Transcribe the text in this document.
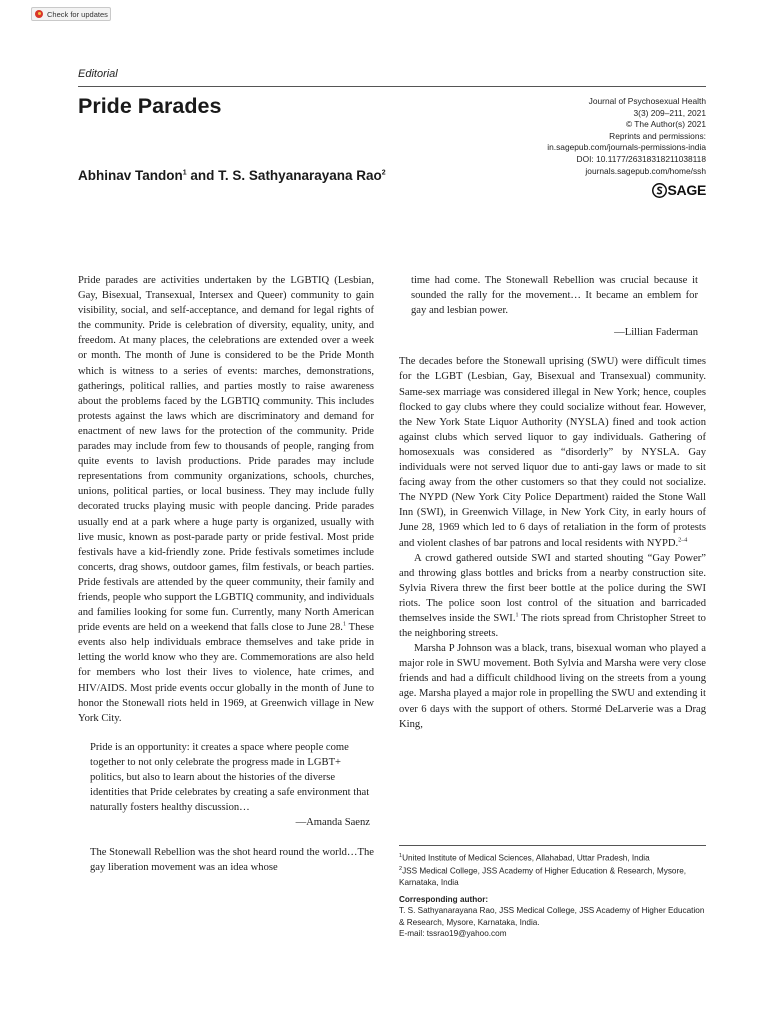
Check for updates
Editorial
Pride Parades
Abhinav Tandon$^1$ and T. S. Sathyanarayana Rao$^2$
Journal of Psychosexual Health
3(3) 209–211, 2021
© The Author(s) 2021
Reprints and permissions:
in.sagepub.com/journals-permissions-india
DOI: 10.1177/26318318211038118
journals.sagepub.com/home/ssh
SAGE

Pride parades are activities undertaken by the LGBTIQ (Lesbian, Gay, Bisexual, Transexual, Intersex and Queer) community to gain visibility, social, and self-acceptance, and demand for legal rights of the community. Pride is celebration of diversity, equality, unity, and freedom. At many places, the celebrations are extended over a week or month. The month of June is considered to be the Pride Month which is witness to a series of events: marches, demonstrations, gatherings, political rallies, and parties mostly to raise awareness about the problems faced by the LGBTIQ community. This includes protests against the laws which are discriminatory and demand for enactment of new laws for the protection of the community. Pride parades may include from few to thousands of people, ranging from quite events to lavish productions. Pride parades may include representations from community organizations, schools, churches, unions, political parties, or local business. They may include fully decorated trucks playing music with people dancing. Pride parades usually end at a park where a huge party is organized, usually with live music, known as post-parade party or pride festival. Most pride festivals have a kid-friendly zone. Pride festivals sometimes include concerts, drag shows, outdoor games, film festivals, or beach parties. Pride festivals are attended by the queer community, their family and friends, people who support the LGBTIQ community, and individuals and families looking for some fun. Currently, many North American pride events are held on a weekend that falls close to June 28.$^1$ These events also help individuals embrace themselves and take pride in letting the world know who they are. Commemorations are also held for members who lost their lives to violence, hate crimes, and HIV/AIDS. Most pride events occur globally in the month of June to honor the Stonewall riots held in 1969, at Greenwich village in New York City.

Pride is an opportunity: it creates a space where people come together to not only celebrate the progress made in LGBT+ politics, but also to learn about the histories of the diverse identities that Pride celebrates by creating a safe environment that naturally fosters healthy discussion…
—Amanda Saenz
The Stonewall Rebellion was the shot heard round the world…The gay liberation movement was an idea whose
time had come. The Stonewall Rebellion was crucial because it sounded the rally for the movement… It became an emblem for gay and lesbian power.
—Lillian Faderman

The decades before the Stonewall uprising (SWU) were difficult times for the LGBT (Lesbian, Gay, Bisexual and Transexual) community. Same-sex marriage was considered illegal in New York; hence, couples flocked to gay clubs where they could socialize without fear. However, the New York State Liquor Authority (NYSLA) fined and took action against clubs which served liquor to gay individuals. Gathering of homosexuals was considered as “disorderly” by NYSLA. Gay individuals were not served liquor due to anti-gay laws or made to sit facing away from the other customers so that they could not socialize. The NYPD (New York City Police Department) raided the Stone Wall Inn (SWI), in Greenwich Village, in New York City, in early hours of June 28, 1969 which led to 6 days of retaliation in the form of protests and violent clashes of bar patrons and local residents with NYPD.$^{2-4}$

A crowd gathered outside SWI and started shouting “Gay Power” and throwing glass bottles and bricks from a nearby construction site. Sylvia Rivera threw the first beer bottle at the police during the SWI riots. The police soon lost control of the situation and barricaded themselves inside the SWI.$^1$ The riots spread from Christopher Street to the neighboring streets.

Marsha P Johnson was a black, trans, bisexual woman who played a major role in SWU movement. Both Sylvia and Marsha were very close friends and had a difficult childhood living on the streets from a young age. Marsha played a major role in propelling the SWU and extending it over 6 days with the support of others. Stormé DeLarverie was a Drag King,

$^1$United Institute of Medical Sciences, Allahabad, Uttar Pradesh, India

$^2$JSS Medical College, JSS Academy of Higher Education & Research, Mysore, Karnataka, India

Corresponding author:

T. S. Sathyanarayana Rao, JSS Medical College, JSS Academy of Higher Education & Research, Mysore, Karnataka, India.

E-mail: tssrao19@yahoo.com
